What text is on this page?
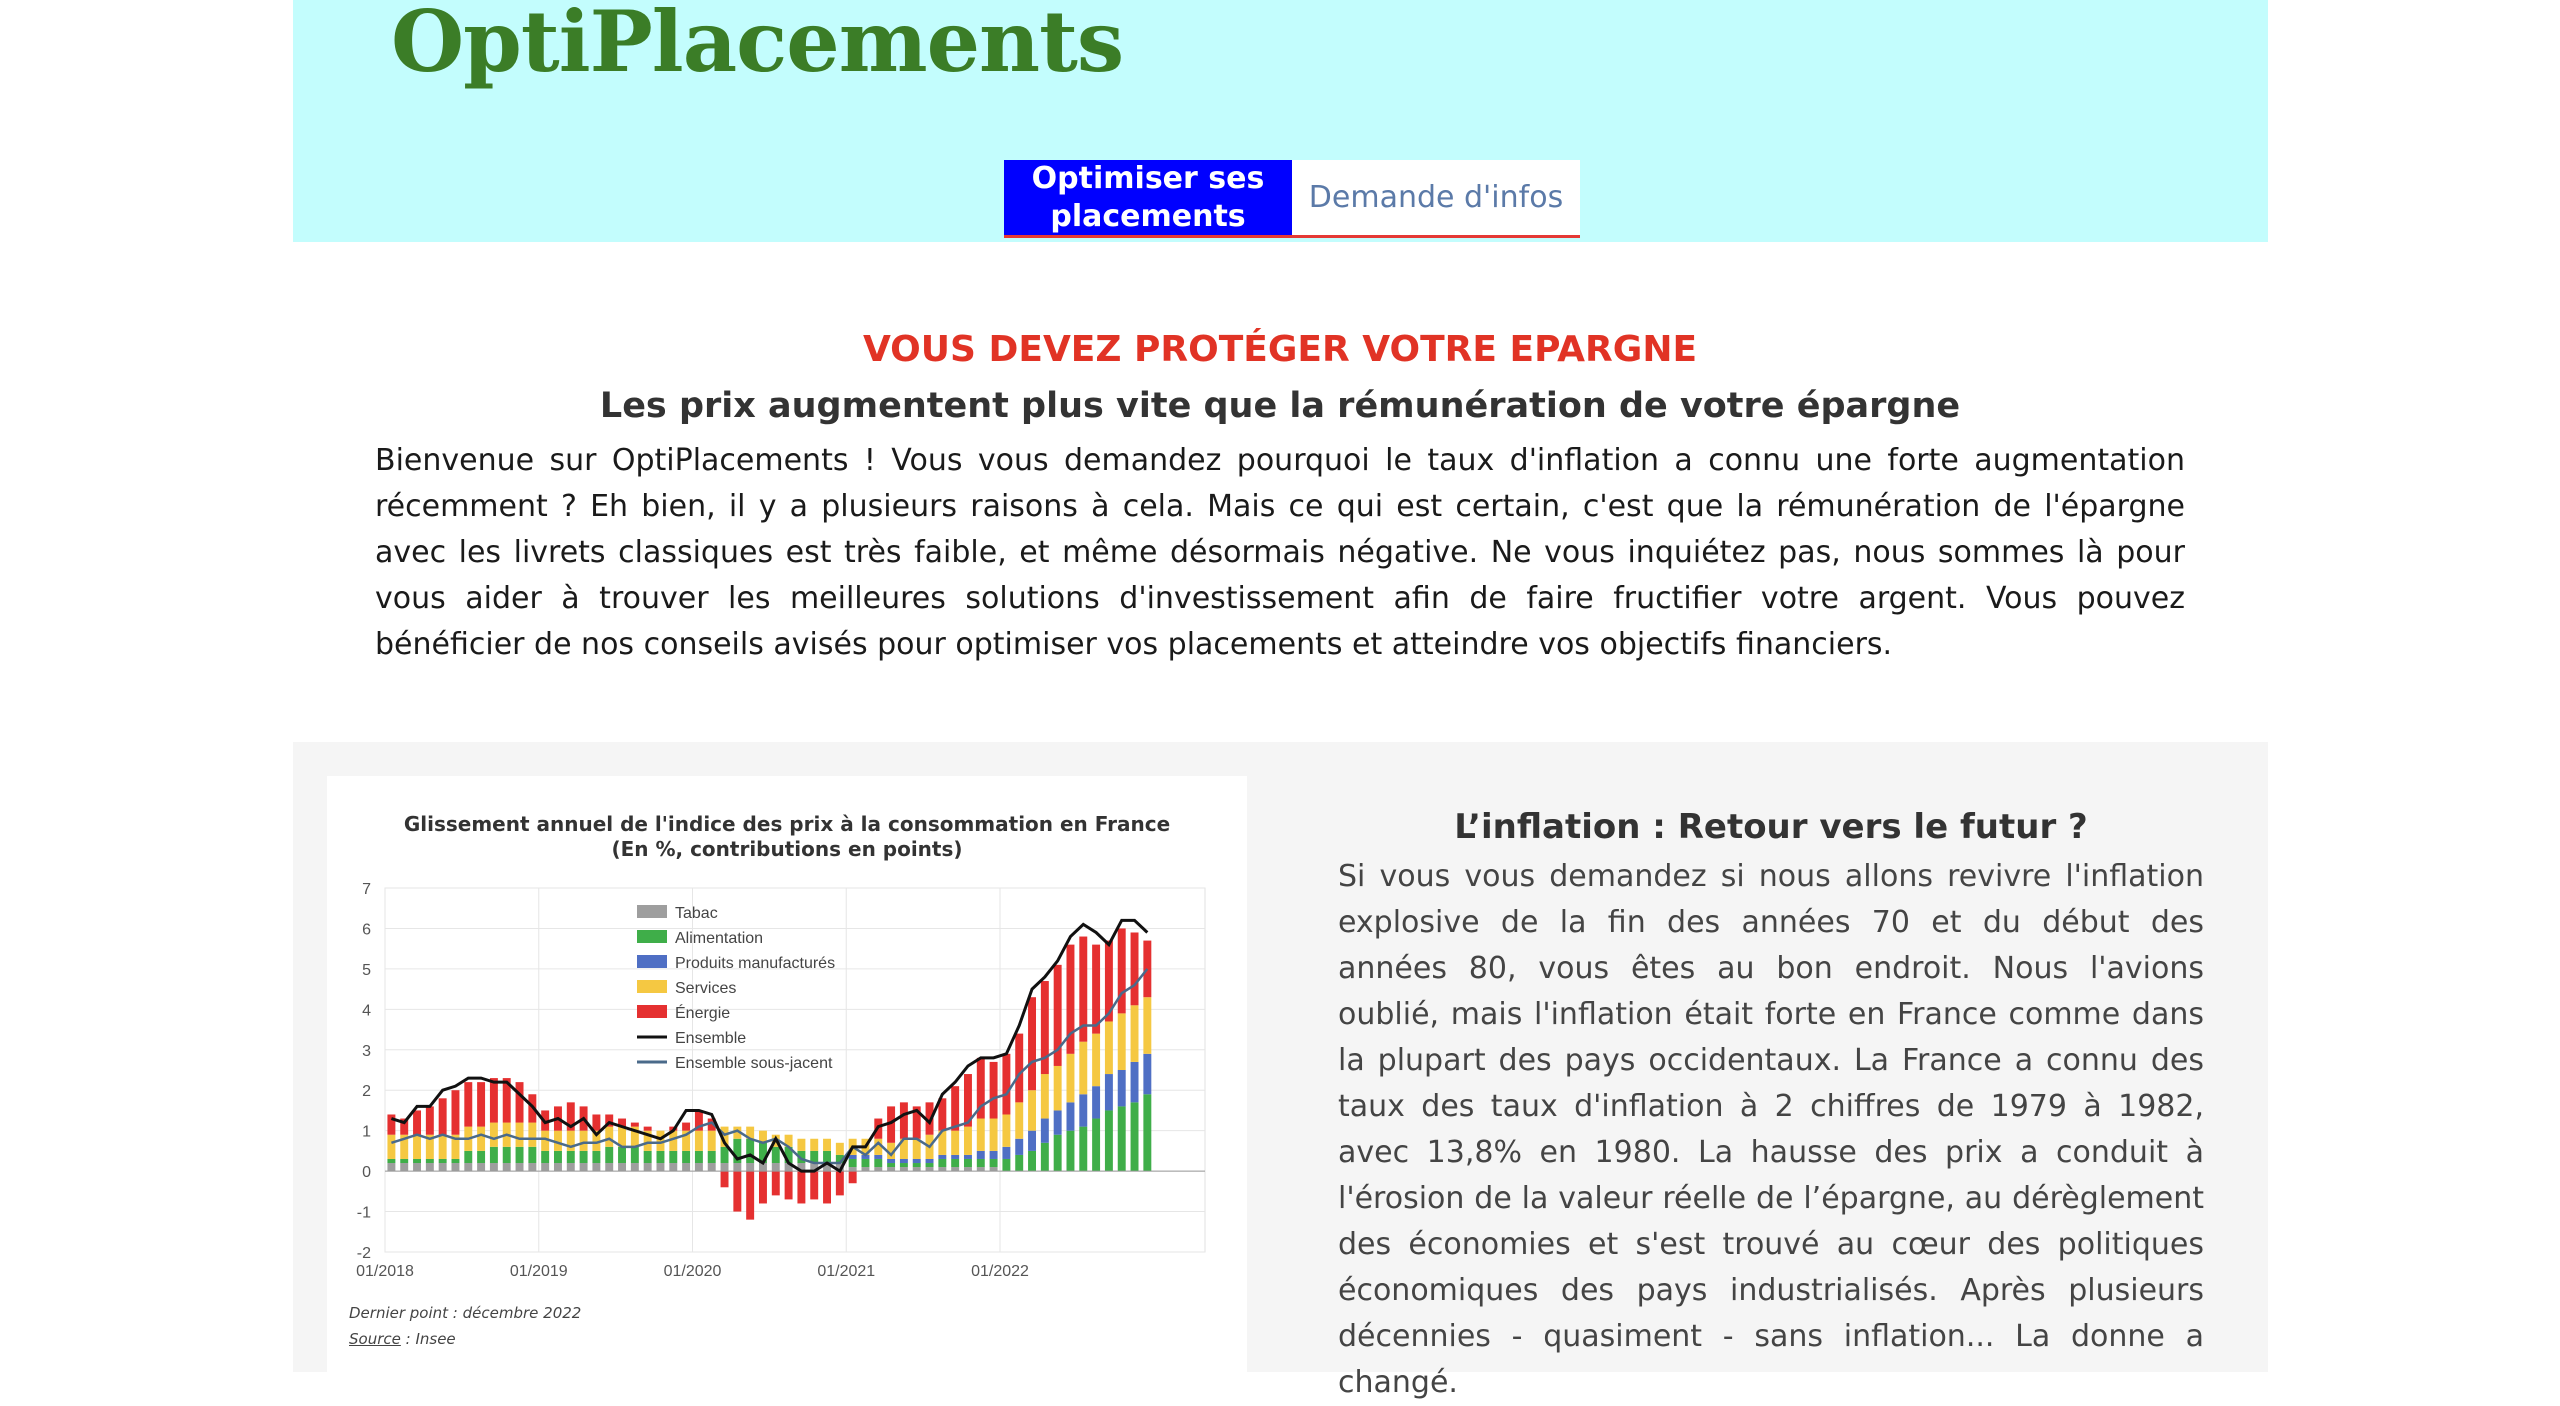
OptiPlacements
Optimiser ses placements
Demande d'infos
VOUS DEVEZ PROTÉGER VOTRE EPARGNE
Les prix augmentent plus vite que la rémunération de votre épargne

Bienvenue sur OptiPlacements ! Vous vous demandez pourquoi le taux d'inflation a connu une forte augmentation récemment ? Eh bien, il y a plusieurs raisons à cela. Mais ce qui est certain, c'est que la rémunération de l'épargne avec les livrets classiques est très faible, et même désormais négative. Ne vous inquiétez pas, nous sommes là pour vous aider à trouver les meilleures solutions d'investissement afin de faire fructifier votre argent. Vous pouvez bénéficier de nos conseils avisés pour optimiser vos placements et atteindre vos objectifs financiers.

7
6
5
4
3
2
1
0
-1
-2
01/2018	01/2019	01/2020	01/2021	01/2022
Tabac
Alimentation
Produits manufacturés
Services
Énergie
Ensemble
Ensemble sous-jacent
Glissement annuel de l'indice des prix à la consommation en France
(En %, contributions en points)
Dernier point : décembre 2022
Source : Insee
L’inflation : Retour vers le futur ?

Si vous vous demandez si nous allons revivre l'inflation explosive de la fin des années 70 et du début des années 80, vous êtes au bon endroit. Nous l'avions oublié, mais l'inflation était forte en France comme dans la plupart des pays occidentaux. La France a connu des taux des taux d'inflation à 2 chiffres de 1979 à 1982, avec 13,8% en 1980. La hausse des prix a conduit à l'érosion de la valeur réelle de l’épargne, au dérèglement des économies et s'est trouvé au cœur des politiques économiques des pays industrialisés. Après plusieurs décennies - quasiment - sans inflation... La donne a changé.
